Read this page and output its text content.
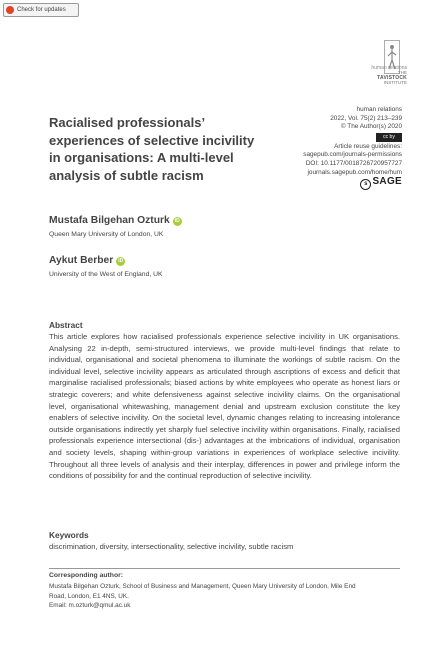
Check for updates
human relations
THE
TAVISTOCK
INSTITUTE
human relations
2022, Vol. 75(2) 213–239
© The Author(s) 2020
cc by
Article reuse guidelines:
sagepub.com/journals-permissions
DOI: 10.1177/0018726720957727
journals.sagepub.com/home/hum
s SAGE
Racialised professionals’
experiences of selective incivility
in organisations: A multi-level
analysis of subtle racism
Mustafa Bilgehan Ozturk iD
Queen Mary University of London, UK
Aykut Berber iD
University of the West of England, UK
Abstract

This article explores how racialised professionals experience selective incivility in UK organisations. Analysing 22 in-depth, semi-structured interviews, we provide multi-level findings that relate to individual, organisational and societal phenomena to illuminate the workings of subtle racism. On the individual level, selective incivility appears as articulated through ascriptions of excess and deficit that marginalise racialised professionals; biased actions by white employees who operate as honest liars or strategic coverers; and white defensiveness against selective incivility claims. On the organisational level, organisational whitewashing, management denial and upstream exclusion constitute the key enablers of selective incivility. On the societal level, dynamic changes relating to increasing intolerance outside organisations indirectly yet sharply fuel selective incivility within organisations. Finally, racialised professionals experience intersectional (dis-) advantages at the imbrications of individual, organisation and society levels, shaping within-group variations in experiences of workplace selective incivility. Throughout all three levels of analysis and their interplay, differences in power and privilege inform the conditions of possibility for and the continual reproduction of selective incivility.

Keywords
discrimination, diversity, intersectionality, selective incivility, subtle racism
Corresponding author:
Mustafa Bilgehan Ozturk, School of Business and Management, Queen Mary University of London, Mile End
Road, London, E1 4NS, UK.
Email: m.ozturk@qmul.ac.uk
